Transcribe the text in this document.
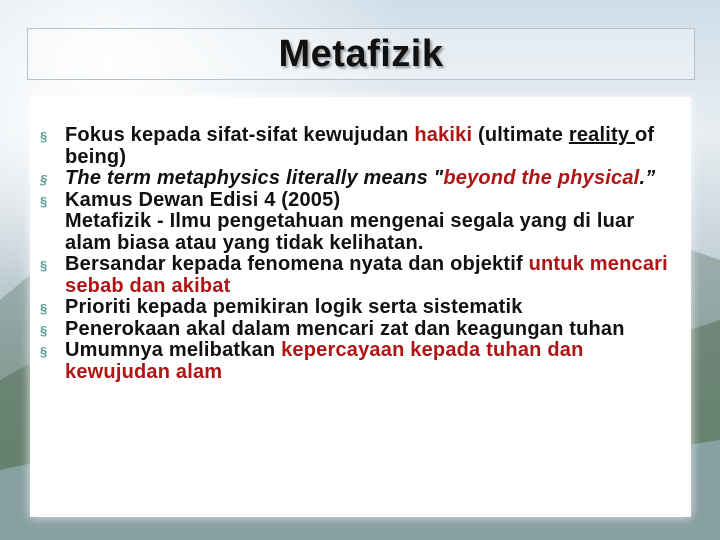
Metafizik
§ Fokus kepada sifat-sifat kewujudan hakiki (ultimate reality of being)
§ The term metaphysics literally means "beyond the physical.”
§ Kamus Dewan Edisi 4 (2005)
Metafizik - Ilmu pengetahuan mengenai segala yang di luar alam biasa atau yang tidak kelihatan.
§ Bersandar kepada fenomena nyata dan objektif untuk mencari sebab dan akibat
§ Prioriti kepada pemikiran logik serta sistematik
§ Penerokaan akal dalam mencari zat dan keagungan tuhan
§ Umumnya melibatkan kepercayaan kepada tuhan dan kewujudan alam
